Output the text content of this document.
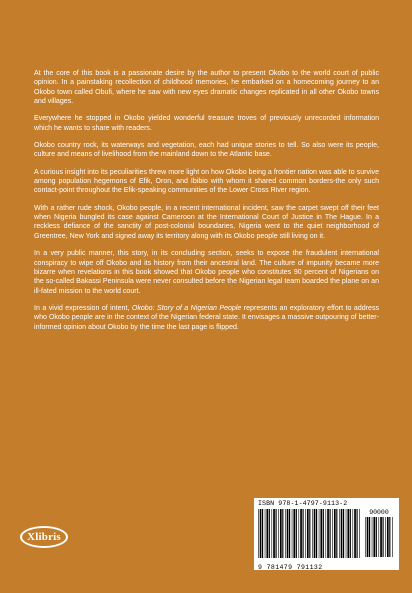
At the core of this book is a passionate desire by the author to present Okobo to the world court of public opinion. In a painstaking recollection of childhood memories, he embarked on a homecoming journey to an Okobo town called Obufi, where he saw with new eyes dramatic changes replicated in all other Okobo towns and villages.

Everywhere he stopped in Okobo yielded wonderful treasure troves of previously unrecorded information which he wants to share with readers.

Okobo country rock, its waterways and vegetation, each had unique stories to tell. So also were its people, culture and means of livelihood from the mainland down to the Atlantic base.

A curious insight into its peculiarities threw more light on how Okobo being a frontier nation was able to survive among population hegemons of Efik, Oron, and Ibibio with whom it shared common borders-the only such contact-point throughout the Efik-speaking communities of the Lower Cross River region.

With a rather rude shock, Okobo people, in a recent international incident, saw the carpet swept off their feet when Nigeria bungled its case against Cameroon at the International Court of Justice in The Hague. In a reckless defiance of the sanctity of post-colonial boundaries, Nigeria went to the quiet neighborhood of Greentree, New York and signed away its territory along with its Okobo people still living on it.

In a very public manner, this story, in its concluding section, seeks to expose the fraudulent international conspiracy to wipe off Okobo and its history from their ancestral land. The culture of impunity became more bizarre when revelations in this book showed that Okobo people who constitutes 90 percent of Nigerians on the so-called Bakassi Peninsula were never consulted before the Nigerian legal team boarded the plane on an ill-fated mission to the world court.

In a vivid expression of intent, Okobo: Story of a Nigerian People represents an exploratory effort to address who Okobo people are in the context of the Nigerian federal state. It envisages a massive outpouring of better-informed opinion about Okobo by the time the last page is flipped.

Xlibris
ISBN 978-1-4797-9113-2
9 781479 791132
90000
